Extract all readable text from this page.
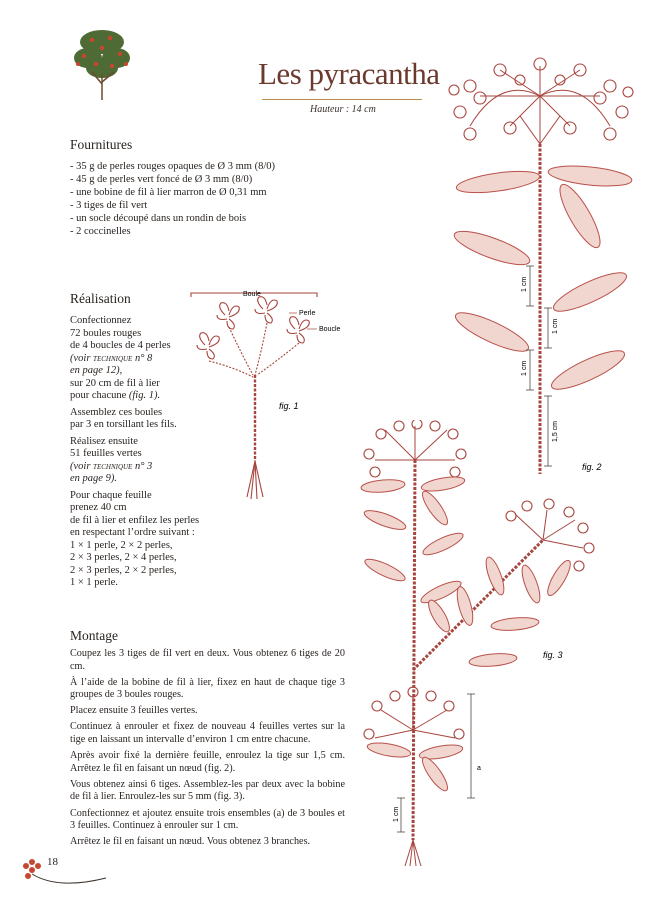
Les pyracantha
Hauteur : 14 cm
Fournitures
- 35 g de perles rouges opaques de Ø 3 mm (8/0)
- 45 g de perles vert foncé de Ø 3 mm (8/0)
- une bobine de fil à lier marron de Ø 0,31 mm
- 3 tiges de fil vert
- un socle découpé dans un rondin de bois
- 2 coccinelles
Réalisation

Confectionnez
72 boules rouges
de 4 boucles de 4 perles
(voir technique n° 8
en page 12),
sur 20 cm de fil à lier
pour chacune (fig. 1).

Assemblez ces boules
par 3 en torsillant les fils.

Réalisez ensuite
51 feuilles vertes
(voir technique n° 3
en page 9).

Pour chaque feuille
prenez 40 cm
de fil à lier et enfilez les perles
en respectant l’ordre suivant :
1 × 1 perle, 2 × 2 perles,
2 × 3 perles, 2 × 4 perles,
2 × 3 perles, 2 × 2 perles,
1 × 1 perle.

Boule
Perle
Boucle
fig. 1
1 cm
1 cm
1 cm
1,5 cm
fig. 2
a
1 cm
fig. 3
Montage

Coupez les 3 tiges de fil vert en deux. Vous obtenez 6 tiges de 20 cm.

À l’aide de la bobine de fil à lier, fixez en haut de chaque tige 3 groupes de 3 boules rouges.

Placez ensuite 3 feuilles vertes.

Continuez à enrouler et fixez de nouveau 4 feuilles vertes sur la tige en laissant un intervalle d’environ 1 cm entre chacune.

Après avoir fixé la dernière feuille, enroulez la tige sur 1,5 cm. Arrêtez le fil en faisant un nœud (fig. 2).

Vous obtenez ainsi 6 tiges. Assemblez-les par deux avec la bobine de fil à lier. Enroulez-les sur 5 mm (fig. 3).

Confectionnez et ajoutez ensuite trois ensembles (a) de 3 boules et 3 feuilles. Continuez à enrouler sur 1 cm.

Arrêtez le fil en faisant un nœud. Vous obtenez 3 branches.

18
